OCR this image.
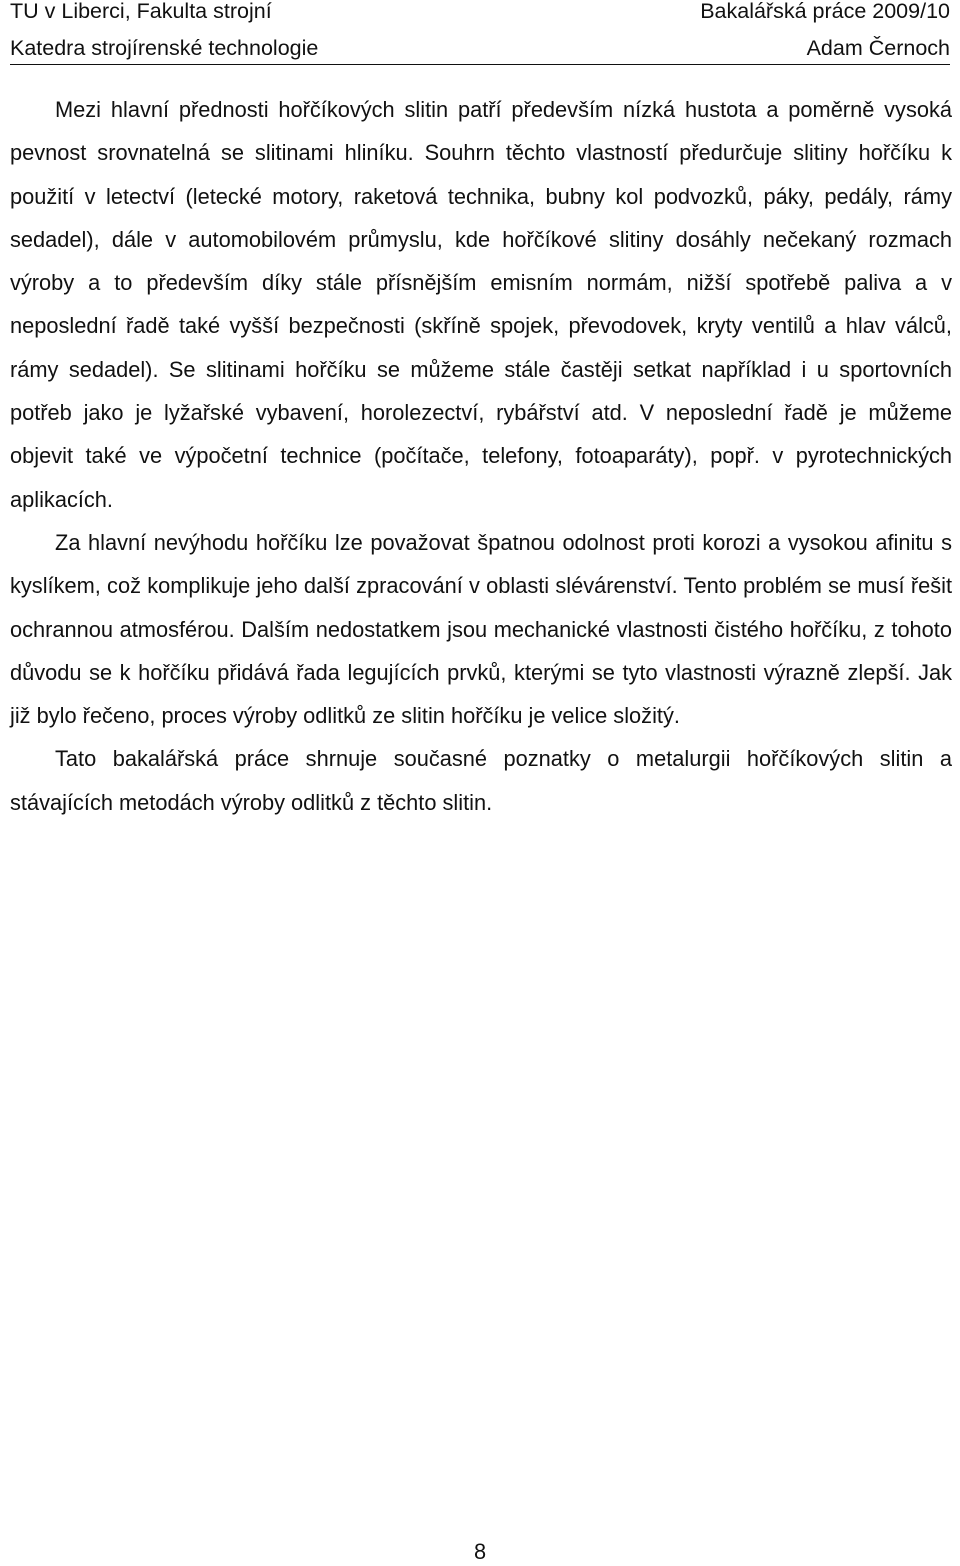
TU v Liberci, Fakulta strojní	Bakalářská práce 2009/10
Katedra strojírenské technologie	Adam Černoch

Mezi hlavní přednosti hořčíkových slitin patří především nízká hustota a poměrně vysoká pevnost srovnatelná se slitinami hliníku. Souhrn těchto vlastností předurčuje slitiny hořčíku k použití v letectví (letecké motory, raketová technika, bubny kol podvozků, páky, pedály, rámy sedadel), dále v automobilovém průmyslu, kde hořčíkové slitiny dosáhly nečekaný rozmach výroby a to především díky stále přísnějším emisním normám, nižší spotřebě paliva a v neposlední řadě také vyšší bezpečnosti (skříně spojek, převodovek, kryty ventilů a hlav válců, rámy sedadel). Se slitinami hořčíku se můžeme stále častěji setkat například i u sportovních potřeb jako je lyžařské vybavení, horolezectví, rybářství atd. V neposlední řadě je můžeme objevit také ve výpočetní technice (počítače, telefony, fotoaparáty), popř. v pyrotechnických aplikacích.

Za hlavní nevýhodu hořčíku lze považovat špatnou odolnost proti korozi a vysokou afinitu s kyslíkem, což komplikuje jeho další zpracování v oblasti slévárenství. Tento problém se musí řešit ochrannou atmosférou. Dalším nedostatkem jsou mechanické vlastnosti čistého hořčíku, z tohoto důvodu se k hořčíku přidává řada legujících prvků, kterými se tyto vlastnosti výrazně zlepší. Jak již bylo řečeno, proces výroby odlitků ze slitin hořčíku je velice složitý.

Tato bakalářská práce shrnuje současné poznatky o metalurgii hořčíkových slitin a stávajících metodách výroby odlitků z těchto slitin.

8
